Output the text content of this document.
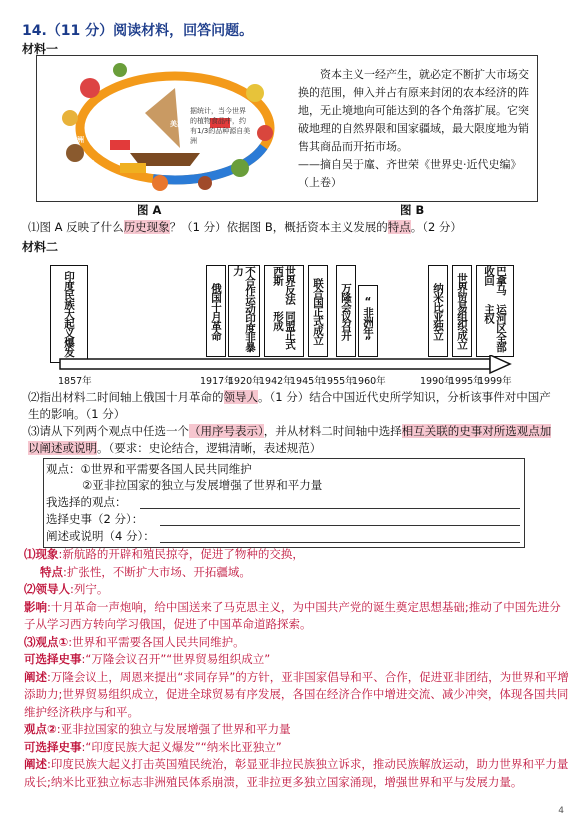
14.（11 分）阅读材料，回答问题。
材料一
据统计，当今世界的植物食品中，约有1/3的品种源自美洲
欧洲
美洲
亚洲
资本主义一经产生，就必定不断扩大市场交换的范围，伸入并占有原来封闭的农本经济的阵地，无止境地向可能达到的各个角落扩展。它突破地理的自然界限和国家疆域，最大限度地为销售其商品而开拓市场。
——摘自吴于廑、齐世荣《世界史·近代史编》（上卷）
图 A	图 B
⑴图 A 反映了什么历史现象？（1 分）依据图 B，概括资本主义发展的特点。（2 分）
材料二
印度民族
大起义爆发	俄国十月革命	不合作运动印度非暴力	世界反法西斯
同盟正式形成	联合国正式成立	万隆会议召开 “非洲年”	纳米比亚独立	世界贸易组织成立	巴拿马收回
运河区全部主权
1857年	1917年
1920年
1942年
1945年
1955年
1960年	1990年
1995年
1999年
⑵指出材料二时间轴上俄国十月革命的领导人。（1 分）结合中国近代史所学知识，分析该事件对中国产生的影响。（1 分）
⑶请从下列两个观点中任选一个（用序号表示），并从材料二时间轴中选择相互关联的史事对所选观点加以阐述或说明。（要求：史论结合，逻辑清晰，表述规范）
观点：①世界和平需要各国人民共同维护
②亚非拉国家的独立与发展增强了世界和平力量
我选择的观点：
选择史事（2 分）：
阐述或说明（4 分）：
⑴现象:新航路的开辟和殖民掠夺，促进了物种的交换，
特点:扩张性，不断扩大市场、开拓疆域。
⑵领导人:列宁。
影响:十月革命一声炮响，给中国送来了马克思主义，为中国共产党的诞生奠定思想基础;推动了中国先进分子从学习西方转向学习俄国，促进了中国革命道路探索。
⑶观点①:世界和平需要各国人民共同维护。
可选择史事:“万隆会议召开”“世界贸易组织成立”
阐述:万隆会议上，周恩来提出“求同存异”的方针，亚非国家倡导和平、合作，促进亚非团结，为世界和平增添助力;世界贸易组织成立，促进全球贸易有序发展，各国在经济合作中增进交流、减少冲突，体现各国共同维护经济秩序与和平。
观点②:亚非拉国家的独立与发展增强了世界和平力量
可选择史事:“印度民族大起义爆发”“纳米比亚独立”
阐述:印度民族大起义打击英国殖民统治，彰显亚非拉民族独立诉求，推动民族解放运动，助力世界和平力量成长;纳米比亚独立标志非洲殖民体系崩溃，亚非拉更多独立国家涌现，增强世界和平与发展力量。
4
